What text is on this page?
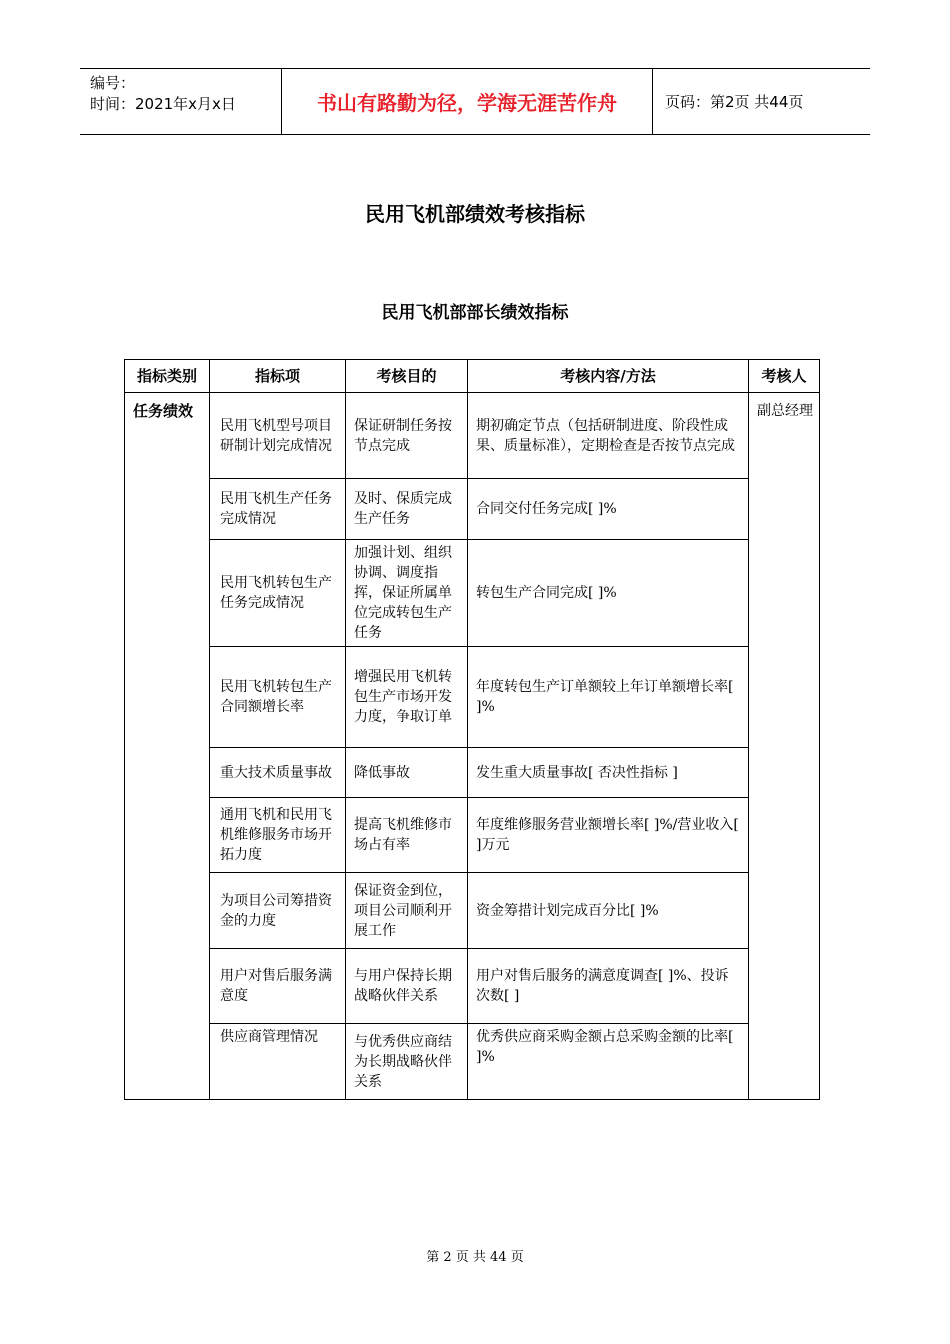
编号：
时间：2021年x月x日	书山有路勤为径，学海无涯苦作舟	页码：第2页 共44页
民用飞机部绩效考核指标
民用飞机部部长绩效指标
指标类别	指标项	考核目的	考核内容/方法	考核人
任务绩效	民用飞机型号项目研制计划完成情况	保证研制任务按节点完成	期初确定节点（包括研制进度、阶段性成果、质量标准），定期检查是否按节点完成	副总经理
	民用飞机生产任务完成情况	及时、保质完成生产任务	合同交付任务完成[ ]%	
	民用飞机转包生产任务完成情况	加强计划、组织协调、调度指挥，保证所属单位完成转包生产任务	转包生产合同完成[ ]%	
	民用飞机转包生产合同额增长率	增强民用飞机转包生产市场开发力度，争取订单	年度转包生产订单额较上年订单额增长率[ ]%	
	重大技术质量事故	降低事故	发生重大质量事故[ 否决性指标 ]	
	通用飞机和民用飞机维修服务市场开拓力度	提高飞机维修市场占有率	年度维修服务营业额增长率[ ]%/营业收入[ ]万元	
	为项目公司筹措资金的力度	保证资金到位，项目公司顺利开展工作	资金筹措计划完成百分比[ ]%	
	用户对售后服务满意度	与用户保持长期战略伙伴关系	用户对售后服务的满意度调查[ ]%、投诉次数[ ]	
	供应商管理情况	与优秀供应商结为长期战略伙伴关系	优秀供应商采购金额占总采购金额的比率[ ]%	
第 2 页 共 44 页
